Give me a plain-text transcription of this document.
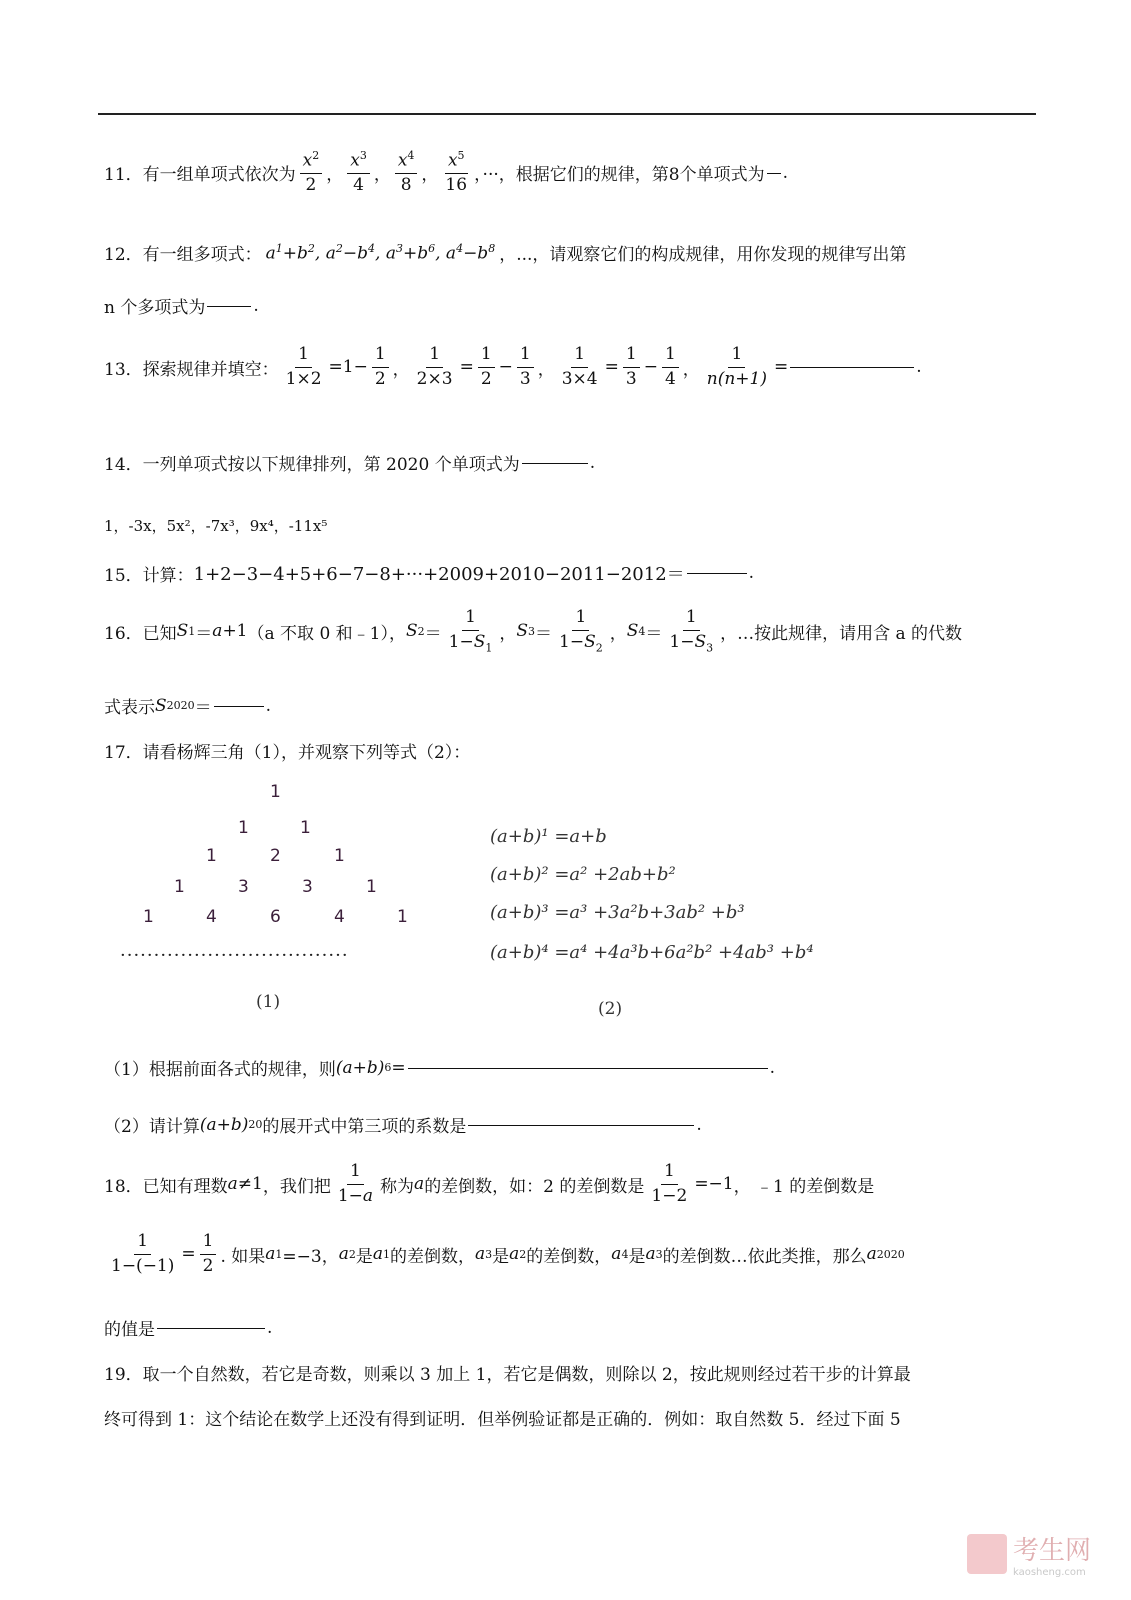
11． 有一组单项式依次为 $\frac{x^2}{2}$ ， $\frac{x^3}{4}$ ， $\frac{x^4}{8}$ ， $\frac{x^5}{16}$ ，···，根据它们的规律，第8个单项式为 .
12． 有一组多项式： $a^1+b^2$, $a^2-b^4$, $a^3+b^6$, $a^4-b^8$ ，...，请观察它们的构成规律，用你发现的规律写出第
n 个多项式为	.
13． 探索规律并填空： $\frac{1}{1\times 2} =1- \frac{1}{2}$ ， $\frac{1}{2\times 3} = \frac{1}{2} - \frac{1}{3}$ ， $\frac{1}{3\times 4} = \frac{1}{3} - \frac{1}{4}$ ， $\frac{1}{n(n+1)}$ =	.
14． 一列单项式按以下规律排列，第 2020 个单项式为	.
1，-3x，5x²，-7x³，9x⁴，-11x⁵
15． 计算： 1+2−3−4+5+6−7−8+···+2009+2010−2011−2012＝	.
16． 已知 S 1 ＝ a +1 （a 不取 0 和﹣1）， S $2 = \frac{1}{1-S_1}$ ， S $3 = \frac{1}{1-S_2}$ ， S $4 = \frac{1}{1-S_3}$ ，…按此规律，请用含 a 的代数
式表示 S 2020 ＝	.
17． 请看杨辉三角（1），并观察下列等式（2）：
1
1	1
1	2	1
1	3	3	1
1	4	6	4	1
··································
(1)
(a+b)¹ =a+b
(a+b)² =a² +2ab+b²
(a+b)³ =a³ +3a²b+3ab² +b³
(a+b)⁴ =a⁴ +4a³b+6a²b² +4ab³ +b⁴
(2)
（1）根据前面各式的规律，则 (a+b) 6 =	.
（2）请计算 (a+b) 20 的展开式中第三项的系数是	.
18． 已知有理数 a ≠1 ，我们把 $\frac{1}{1-a}$ 称为 a 的差倒数，如：2 的差倒数是 $\frac{1}{1-2} =-1$ ， ﹣1 的差倒数是
$\frac{1}{1-(-1)} = \frac{1}{2}$ . 如果 a 1 =−3， a 2 是 a 1 的差倒数， a 3 是 a 2 的差倒数， a 4 是 a 3 的差倒数…依此类推，那么 a 2020
的值是	.
19．取一个自然数，若它是奇数，则乘以 3 加上 1，若它是偶数，则除以 2，按此规则经过若干步的计算最
终可得到 1：这个结论在数学上还没有得到证明．但举例验证都是正确的．例如：取自然数 5．经过下面 5
考生网
kaosheng.com
